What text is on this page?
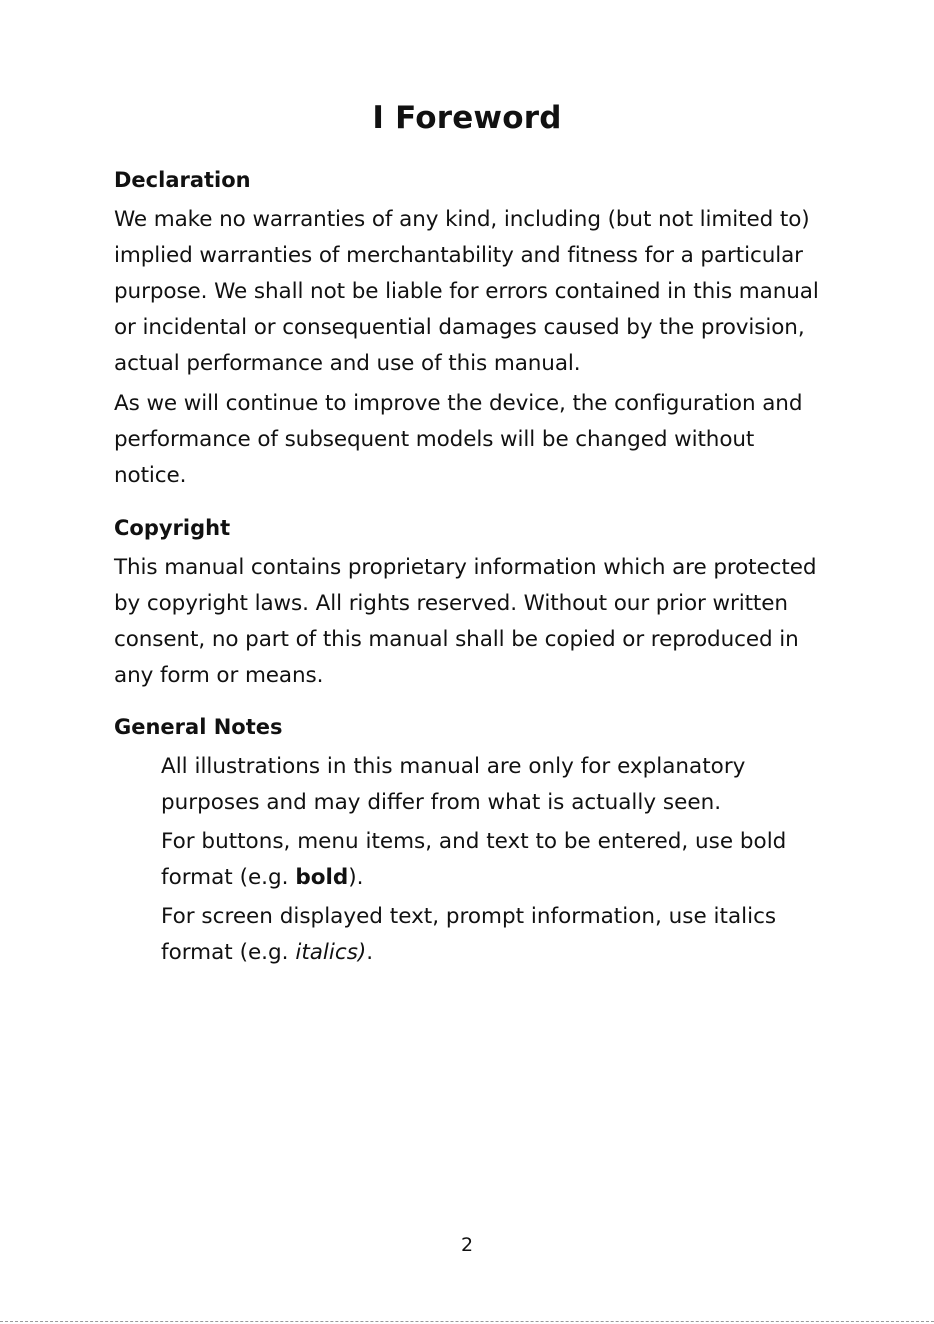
I Foreword
Declaration

We make no warranties of any kind, including (but not limited to) implied warranties of merchantability and fitness for a particular purpose. We shall not be liable for errors contained in this manual or incidental or consequential damages caused by the provision, actual performance and use of this manual.

As we will continue to improve the device, the configuration and performance of subsequent models will be changed without notice.

Copyright

This manual contains proprietary information which are protected by copyright laws. All rights reserved. Without our prior written consent, no part of this manual shall be copied or reproduced in any form or means.

General Notes
All illustrations in this manual are only for explanatory purposes and may differ from what is actually seen.
For buttons, menu items, and text to be entered, use bold format (e.g. bold).
For screen displayed text, prompt information, use italics format (e.g. italics).
2
